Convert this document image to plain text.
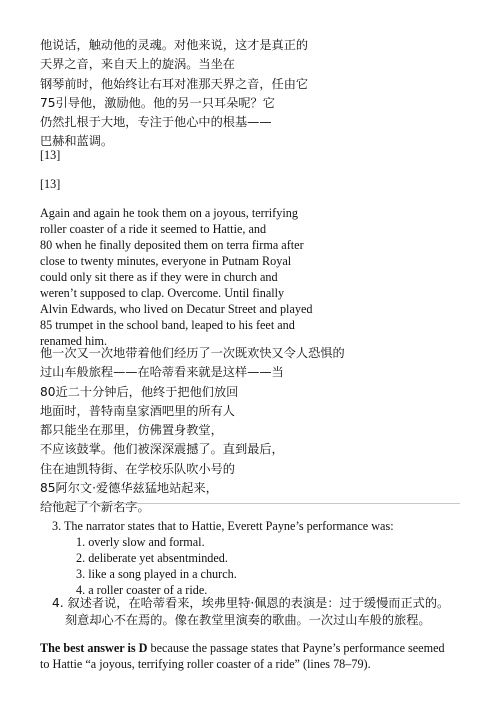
他说话，触动他的灵魂。对他来说，这才是真正的
天界之音，来自天上的旋涡。当坐在
钢琴前时，他始终让右耳对准那天界之音，任由它
75引导他，激励他。他的另一只耳朵呢？它
仍然扎根于大地，专注于他心中的根基——
巴赫和蓝调。
[13]
[13]
Again and again he took them on a joyous, terrifying
roller coaster of a ride it seemed to Hattie, and
80 when he finally deposited them on terra firma after
close to twenty minutes, everyone in Putnam Royal
could only sit there as if they were in church and
weren’t supposed to clap. Overcome. Until finally
Alvin Edwards, who lived on Decatur Street and played
85 trumpet in the school band, leaped to his feet and
renamed him.
他一次又一次地带着他们经历了一次既欢快又令人恐惧的
过山车般旅程——在哈蒂看来就是这样——当
80近二十分钟后，他终于把他们放回
地面时，普特南皇家酒吧里的所有人
都只能坐在那里，仿佛置身教堂，
不应该鼓掌。他们被深深震撼了。直到最后，
住在迪凯特街、在学校乐队吹小号的
85阿尔文·爱德华兹猛地站起来，
给他起了个新名字。
3. The narrator states that to Hattie, Everett Payne’s performance was:
1. overly slow and formal.
2. deliberate yet absentminded.
3. like a song played in a church.
4. a roller coaster of a ride.
4. 叙述者说，在哈蒂看来，埃弗里特·佩恩的表演是：过于缓慢而正式的。
刻意却心不在焉的。像在教堂里演奏的歌曲。一次过山车般的旅程。
The best answer is D because the passage states that Payne’s performance seemed
to Hattie “a joyous, terrifying roller coaster of a ride” (lines 78–79).
